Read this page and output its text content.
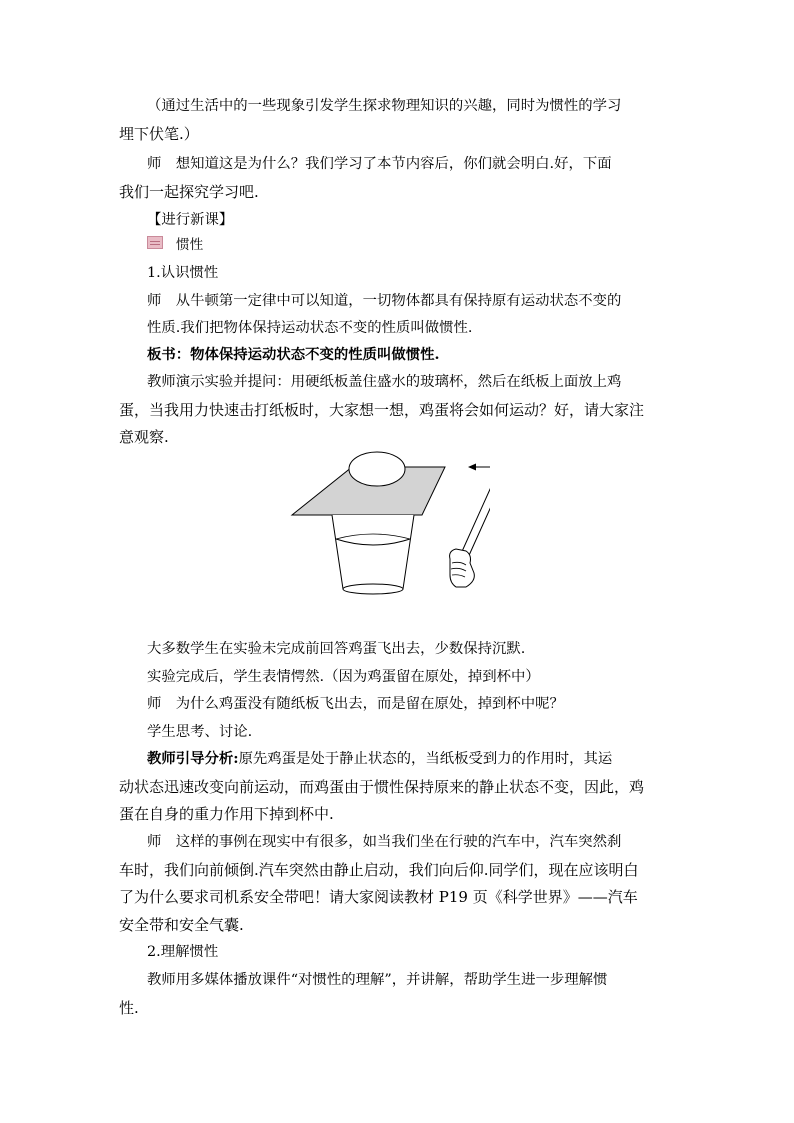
（通过生活中的一些现象引发学生探求物理知识的兴趣，同时为惯性的学习

埋下伏笔.）

师　想知道这是为什么？我们学习了本节内容后，你们就会明白.好，下面

我们一起探究学习吧.

【进行新课】

惯性

1.认识惯性

师　从牛顿第一定律中可以知道，一切物体都具有保持原有运动状态不变的

性质.我们把物体保持运动状态不变的性质叫做惯性.

板书：物体保持运动状态不变的性质叫做惯性.

教师演示实验并提问：用硬纸板盖住盛水的玻璃杯，然后在纸板上面放上鸡

蛋，当我用力快速击打纸板时，大家想一想，鸡蛋将会如何运动？好，请大家注

意观察.

大多数学生在实验未完成前回答鸡蛋飞出去，少数保持沉默.

实验完成后，学生表情愕然.（因为鸡蛋留在原处，掉到杯中）

师　为什么鸡蛋没有随纸板飞出去，而是留在原处，掉到杯中呢？

学生思考、讨论.

教师引导分析:原先鸡蛋是处于静止状态的，当纸板受到力的作用时，其运

动状态迅速改变向前运动，而鸡蛋由于惯性保持原来的静止状态不变，因此，鸡

蛋在自身的重力作用下掉到杯中.

师　这样的事例在现实中有很多，如当我们坐在行驶的汽车中，汽车突然刹

车时，我们向前倾倒.汽车突然由静止启动，我们向后仰.同学们，现在应该明白

了为什么要求司机系安全带吧！请大家阅读教材 P19 页《科学世界》——汽车

安全带和安全气囊.

2.理解惯性

教师用多媒体播放课件“对惯性的理解”，并讲解，帮助学生进一步理解惯

性.
